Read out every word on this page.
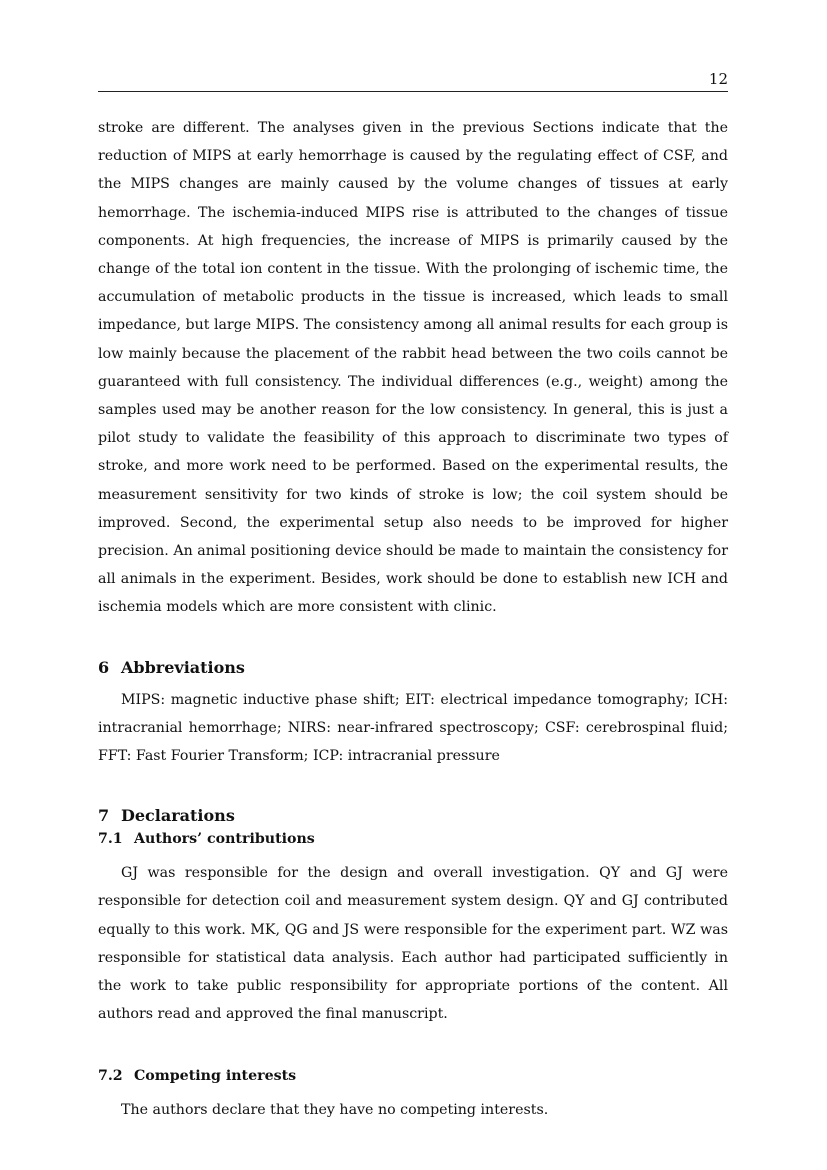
12

stroke are different. The analyses given in the previous Sections indicate that the reduction of MIPS at early hemorrhage is caused by the regulating effect of CSF, and the MIPS changes are mainly caused by the volume changes of tissues at early hemorrhage. The ischemia-induced MIPS rise is attributed to the changes of tissue components. At high frequencies, the increase of MIPS is primarily caused by the change of the total ion content in the tissue. With the prolonging of ischemic time, the accumulation of metabolic products in the tissue is increased, which leads to small impedance, but large MIPS. The consistency among all animal results for each group is low mainly because the placement of the rabbit head between the two coils cannot be guaranteed with full consistency. The individual differences (e.g., weight) among the samples used may be another reason for the low consistency. In general, this is just a pilot study to validate the feasibility of this approach to discriminate two types of stroke, and more work need to be performed. Based on the experimental results, the measurement sensitivity for two kinds of stroke is low; the coil system should be improved. Second, the experimental setup also needs to be improved for higher precision. An animal positioning device should be made to maintain the consistency for all animals in the experiment. Besides, work should be done to establish new ICH and ischemia models which are more consistent with clinic.

6 Abbreviations

MIPS: magnetic inductive phase shift; EIT: electrical impedance tomography; ICH: intracranial hemorrhage; NIRS: near-infrared spectroscopy; CSF: cerebrospinal fluid; FFT: Fast Fourier Transform; ICP: intracranial pressure

7 Declarations
7.1 Authors’ contributions

GJ was responsible for the design and overall investigation. QY and GJ were responsible for detection coil and measurement system design. QY and GJ contributed equally to this work. MK, QG and JS were responsible for the experiment part. WZ was responsible for statistical data analysis. Each author had participated sufficiently in the work to take public responsibility for appropriate portions of the content. All authors read and approved the final manuscript.

7.2 Competing interests

The authors declare that they have no competing interests.
